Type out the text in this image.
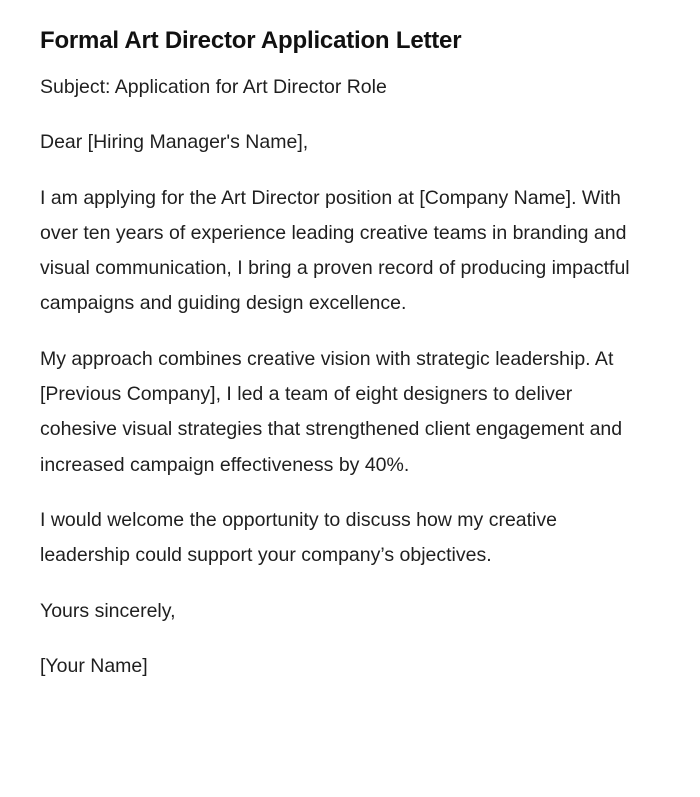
Formal Art Director Application Letter

Subject: Application for Art Director Role

Dear [Hiring Manager's Name],

I am applying for the Art Director position at [Company Name]. With over ten years of experience leading creative teams in branding and visual communication, I bring a proven record of producing impactful campaigns and guiding design excellence.

My approach combines creative vision with strategic leadership. At [Previous Company], I led a team of eight designers to deliver cohesive visual strategies that strengthened client engagement and increased campaign effectiveness by 40%.

I would welcome the opportunity to discuss how my creative leadership could support your company’s objectives.

Yours sincerely,

[Your Name]
